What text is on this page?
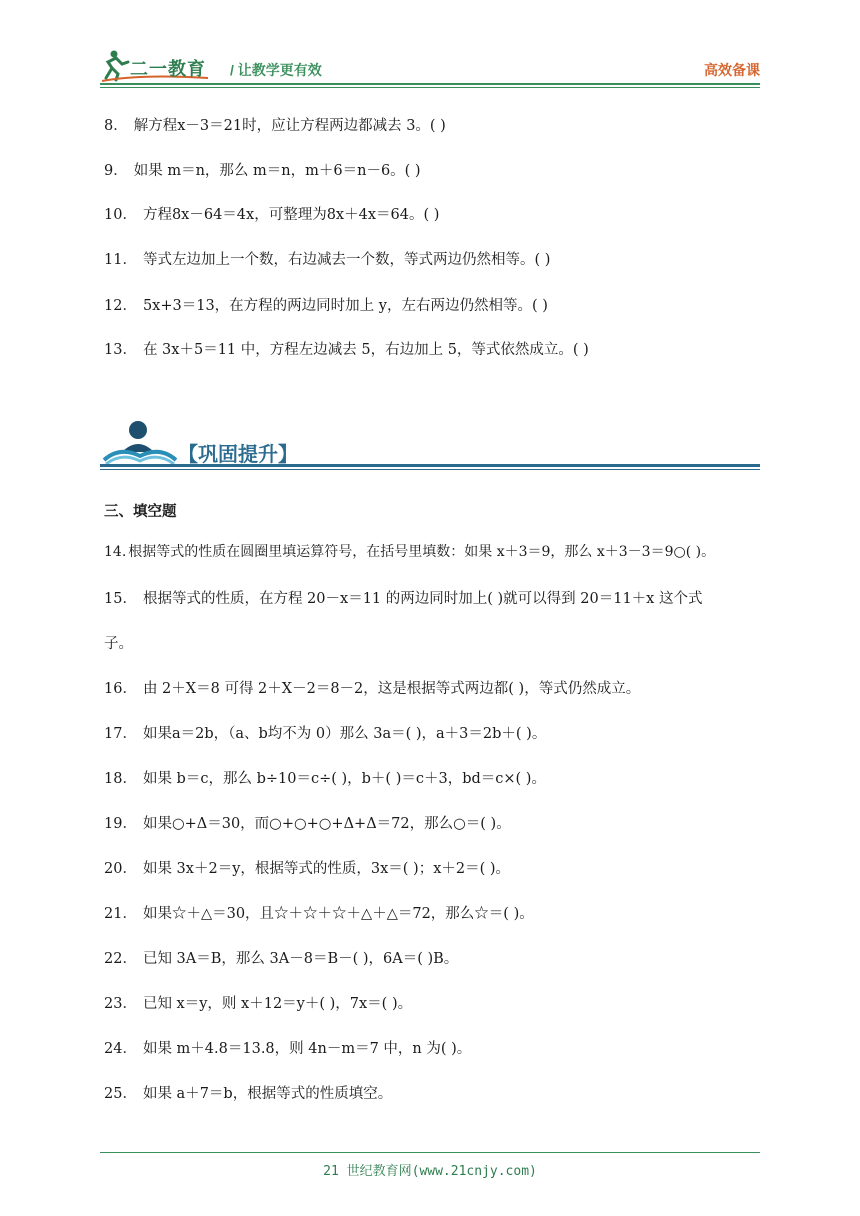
二一教育 / 让教学更有效	高效备课
8． 解方程x－3＝21时，应让方程两边都减去 3。( )
9． 如果 m＝n，那么 m＝n，m＋6＝n－6。( )
10． 方程8x－64＝4x，可整理为8x＋4x＝64。( )
11． 等式左边加上一个数，右边减去一个数，等式两边仍然相等。( )
12． 5x+3＝13，在方程的两边同时加上 y，左右两边仍然相等。( )
13． 在 3x＋5＝11 中，方程左边减去 5，右边加上 5，等式依然成立。( )
【巩固提升】
三、填空题
14. 根据等式的性质在圆圈里填运算符号，在括号里填数：如果 x＋3＝9，那么 x＋3－3＝9○( )。
15． 根据等式的性质，在方程 20－x＝11 的两边同时加上( )就可以得到 20＝11＋x 这个式
子。
16． 由 2＋X＝8 可得 2＋X－2＝8－2，这是根据等式两边都( )，等式仍然成立。
17． 如果a＝2b，（a、b均不为 0）那么 3a＝( )，a＋3＝2b＋( )。
18． 如果 b＝c，那么 b÷10＝c÷( )，b＋( )＝c＋3，bd＝c×( )。
19． 如果○+Δ＝30，而○+○+○+Δ+Δ＝72，那么○＝( )。
20． 如果 3x＋2＝y，根据等式的性质，3x＝( )；x＋2＝( )。
21． 如果☆＋△＝30，且☆＋☆＋☆＋△＋△＝72，那么☆＝( )。
22． 已知 3A＝B，那么 3A－8＝B－( )，6A＝( )B。
23． 已知 x＝y，则 x＋12＝y＋( )，7x＝( )。
24． 如果 m＋4.8＝13.8，则 4n－m＝7 中，n 为( )。
25． 如果 a＋7＝b，根据等式的性质填空。
21 世纪教育网(www.21cnjy.com)
